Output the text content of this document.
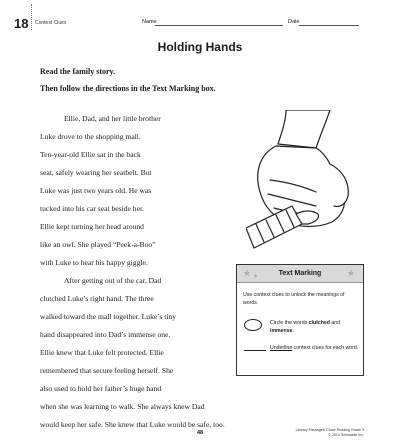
18 Context Clues	Name	Date
Holding Hands
Read the family story.
Then follow the directions in the Text Marking box.
Ellie, Dad, and her little brother
Luke drove to the shopping mall.
Ten-year-old Ellie sat in the back
seat, safely wearing her seatbelt. But
Luke was just two years old. He was
tucked into his car seat beside her.
Ellie kept turning her head around
like an owl. She played “Peek-a-Boo”
with Luke to hear his happy giggle.
After getting out of the car, Dad
clutched Luke’s right hand. The three
walked toward the mall together. Luke’s tiny
hand disappeared into Dad’s immense one.
Ellie knew that Luke felt protected. Ellie
remembered that secure feeling herself. She
also used to hold her father’s huge hand
when she was learning to walk. She always knew Dad
would keep her safe. She knew that Luke would be safe, too.
★ ★	Text Marking	★
Use context clues to unlock the meanings of words.
Circle the words clutched and immense.
Underline context clues for each word.
48	Literary Passages: Close Reading Grade 3
© 2014 Scholastic Inc.
